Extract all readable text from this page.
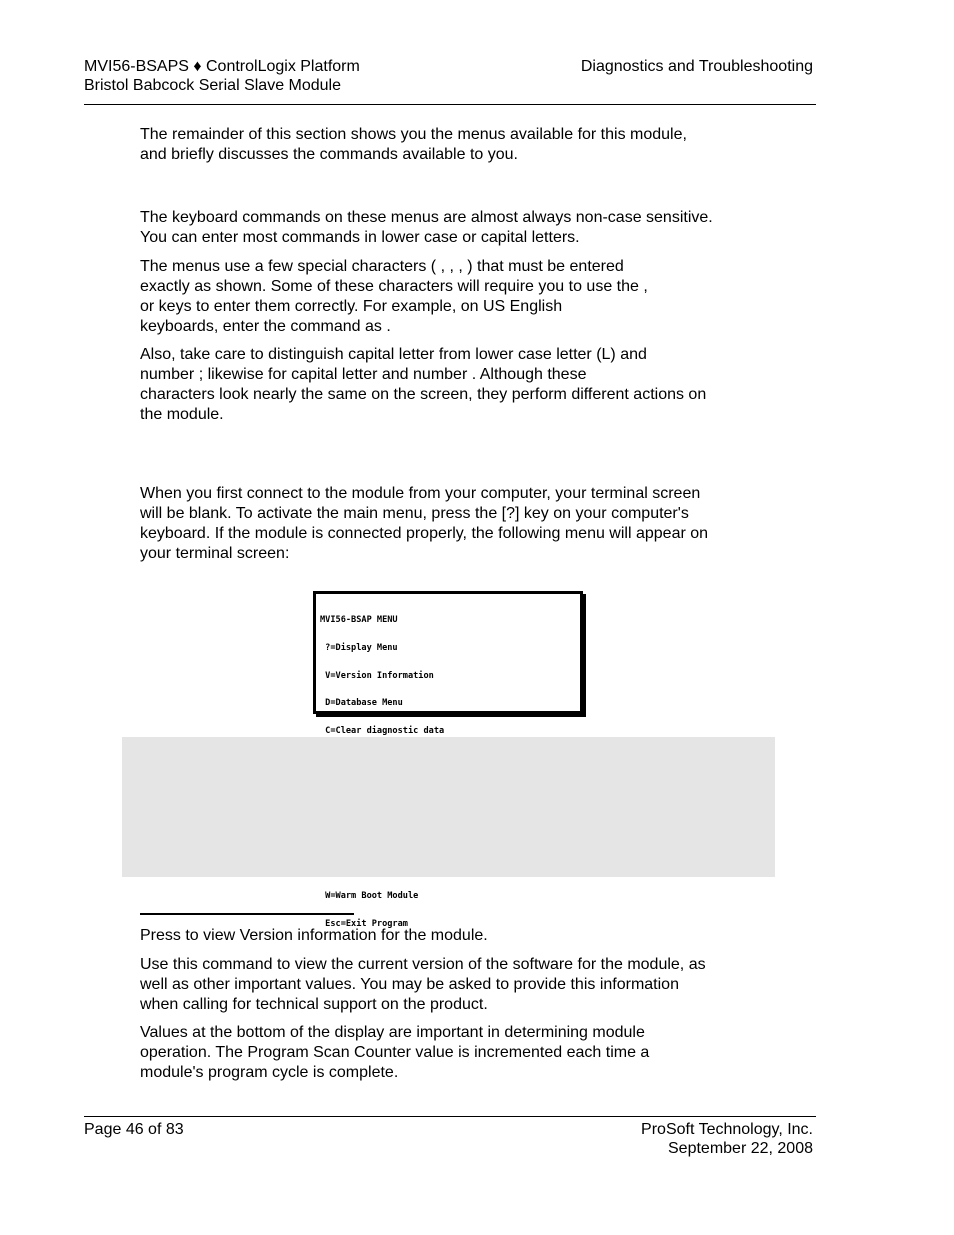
MVI56-BSAPS ♦ ControlLogix Platform
Bristol Babcock Serial Slave Module
Diagnostics and Troubleshooting

The remainder of this section shows you the menus available for this module,
and briefly discusses the commands available to you.

The keyboard commands on these menus are almost always non-case sensitive.
You can enter most commands in lower case or capital letters.

The menus use a few special characters ( , , , ) that must be entered
exactly as shown. Some of these characters will require you to use the ,
or keys to enter them correctly. For example, on US English
keyboards, enter the command as .

Also, take care to distinguish capital letter from lower case letter (L) and
number ; likewise for capital letter and number . Although these
characters look nearly the same on the screen, they perform different actions on
the module.

When you first connect to the module from your computer, your terminal screen
will be blank. To activate the main menu, press the [?] key on your computer's
keyboard. If the module is connected properly, the following menu will appear on
your terminal screen:

MVI56-BSAP MENU

?=Display Menu

V=Version Information

D=Database Menu

C=Clear diagnostic data

W=Warm Boot Module

Esc=Exit Program

Press to view Version information for the module.

Use this command to view the current version of the software for the module, as
well as other important values. You may be asked to provide this information
when calling for technical support on the product.

Values at the bottom of the display are important in determining module
operation. The Program Scan Counter value is incremented each time a
module's program cycle is complete.

Page 46 of 83	ProSoft Technology, Inc.
September 22, 2008
